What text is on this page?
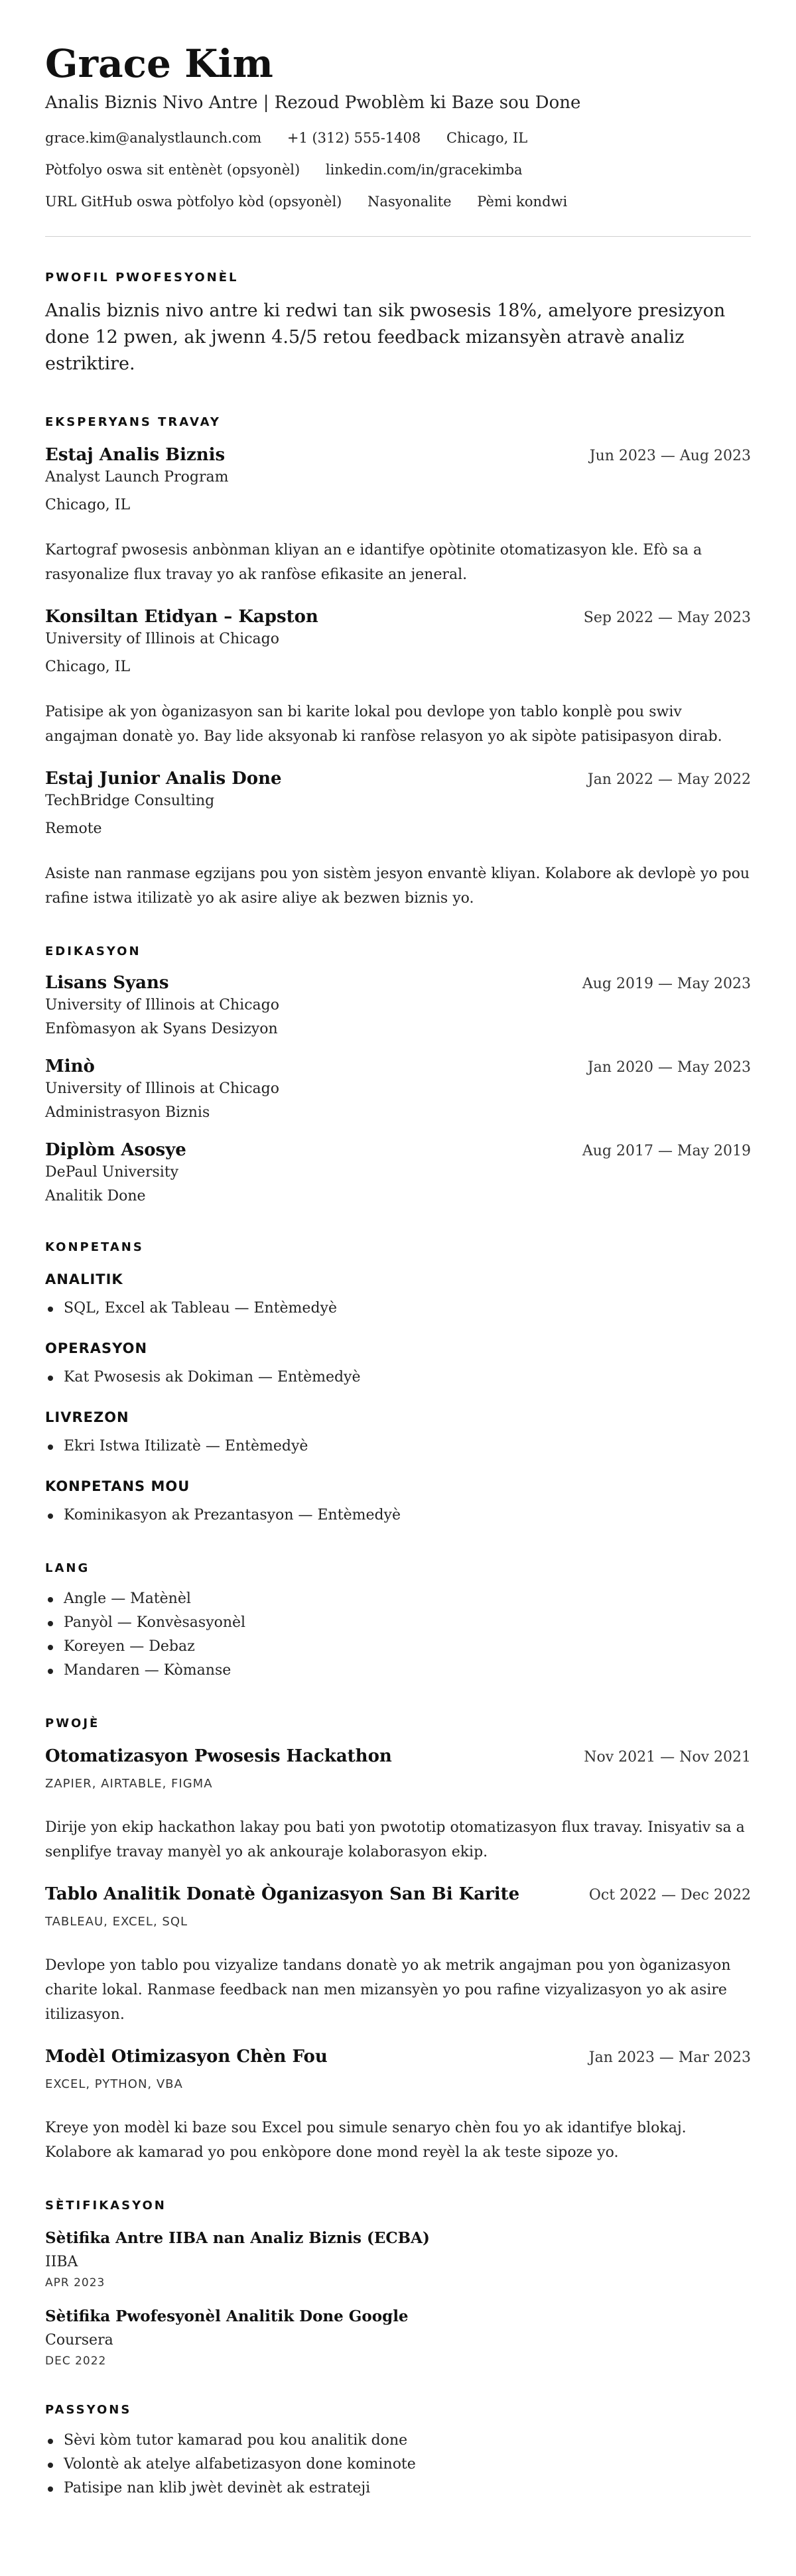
Grace Kim
Analis Biznis Nivo Antre | Rezoud Pwoblèm ki Baze sou Done
grace.kim@analystlaunch.com +1 (312) 555-1408 Chicago, IL
Pòtfolyo oswa sit entènèt (opsyonèl) linkedin.com/in/gracekimba
URL GitHub oswa pòtfolyo kòd (opsyonèl) Nasyonalite Pèmi kondwi
PWOFIL PWOFESYONÈL
Analis biznis nivo antre ki redwi tan sik pwosesis 18%, amelyore presizyon done 12 pwen, ak jwenn 4.5/5 retou feedback mizansyèn atravè analiz estriktire.
EKSPERYANS TRAVAY
Estaj Analis Biznis	Jun 2023 — Aug 2023
Analyst Launch Program
Chicago, IL
Kartograf pwosesis anbònman kliyan an e idantifye opòtinite otomatizasyon kle. Efò sa a rasyonalize flux travay yo ak ranfòse efikasite an jeneral.
Konsiltan Etidyan – Kapston	Sep 2022 — May 2023
University of Illinois at Chicago
Chicago, IL
Patisipe ak yon òganizasyon san bi karite lokal pou devlope yon tablo konplè pou swiv angajman donatè yo. Bay lide aksyonab ki ranfòse relasyon yo ak sipòte patisipasyon dirab.
Estaj Junior Analis Done	Jan 2022 — May 2022
TechBridge Consulting
Remote
Asiste nan ranmase egzijans pou yon sistèm jesyon envantè kliyan. Kolabore ak devlopè yo pou rafine istwa itilizatè yo ak asire aliye ak bezwen biznis yo.
EDIKASYON
Lisans Syans	Aug 2019 — May 2023
University of Illinois at Chicago
Enfòmasyon ak Syans Desizyon
Minò	Jan 2020 — May 2023
University of Illinois at Chicago
Administrasyon Biznis
Diplòm Asosye	Aug 2017 — May 2019
DePaul University
Analitik Done
KONPETANS
ANALITIK
SQL, Excel ak Tableau — Entèmedyè
OPERASYON
Kat Pwosesis ak Dokiman — Entèmedyè
LIVREZON
Ekri Istwa Itilizatè — Entèmedyè
KONPETANS MOU
Kominikasyon ak Prezantasyon — Entèmedyè
LANG
Angle — Matènèl
Panyòl — Konvèsasyonèl
Koreyen — Debaz
Mandaren — Kòmanse
PWOJÈ
Otomatizasyon Pwosesis Hackathon	Nov 2021 — Nov 2021
ZAPIER, AIRTABLE, FIGMA
Dirije yon ekip hackathon lakay pou bati yon pwototip otomatizasyon flux travay. Inisyativ sa a senplifye travay manyèl yo ak ankouraje kolaborasyon ekip.
Tablo Analitik Donatè Òganizasyon San Bi Karite	Oct 2022 — Dec 2022
TABLEAU, EXCEL, SQL
Devlope yon tablo pou vizyalize tandans donatè yo ak metrik angajman pou yon òganizasyon charite lokal. Ranmase feedback nan men mizansyèn yo pou rafine vizyalizasyon yo ak asire itilizasyon.
Modèl Otimizasyon Chèn Fou	Jan 2023 — Mar 2023
EXCEL, PYTHON, VBA
Kreye yon modèl ki baze sou Excel pou simule senaryo chèn fou yo ak idantifye blokaj. Kolabore ak kamarad yo pou enkòpore done mond reyèl la ak teste sipoze yo.
SÈTIFIKASYON
Sètifika Antre IIBA nan Analiz Biznis (ECBA)
IIBA
APR 2023
Sètifika Pwofesyonèl Analitik Done Google
Coursera
DEC 2022
PASSYONS
Sèvi kòm tutor kamarad pou kou analitik done
Volontè ak atelye alfabetizasyon done kominote
Patisipe nan klib jwèt devinèt ak estrateji
